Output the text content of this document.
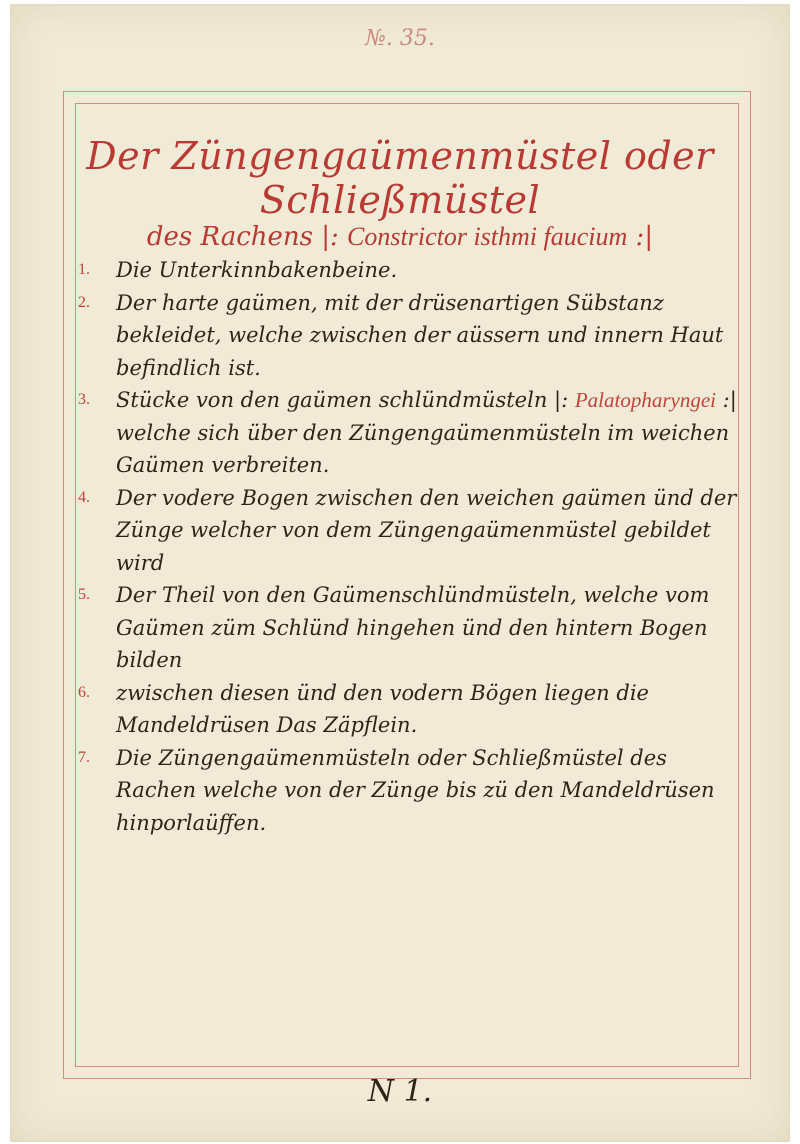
№. 35.
Der Züngengaümenmüstel oder Schließmüstel
des Rachens |: Constrictor isthmi faucium :|
1. Die Unterkinnbakenbeine.
2. Der harte gaümen, mit der drüsenartigen Sübstanz bekleidet, welche zwischen der aüssern und innern Haut befindlich ist.
3. Stücke von den gaümen schlündmüsteln |: Palatopharyngei :| welche sich über den Züngengaümenmüsteln im weichen Gaümen verbreiten.
4. Der vodere Bogen zwischen den weichen gaümen ünd der Zünge welcher von dem Züngengaümenmüstel gebildet wird
5. Der Theil von den Gaümenschlündmüsteln, welche vom Gaümen züm Schlünd hingehen ünd den hintern Bogen bilden
6. zwischen diesen ünd den vodern Bögen liegen die Mandeldrüsen Das Zäpflein.
7. Die Züngengaümenmüsteln oder Schließmüstel des Rachen welche von der Zünge bis zü den Mandeldrüsen hinporlaüffen.
N 1.
